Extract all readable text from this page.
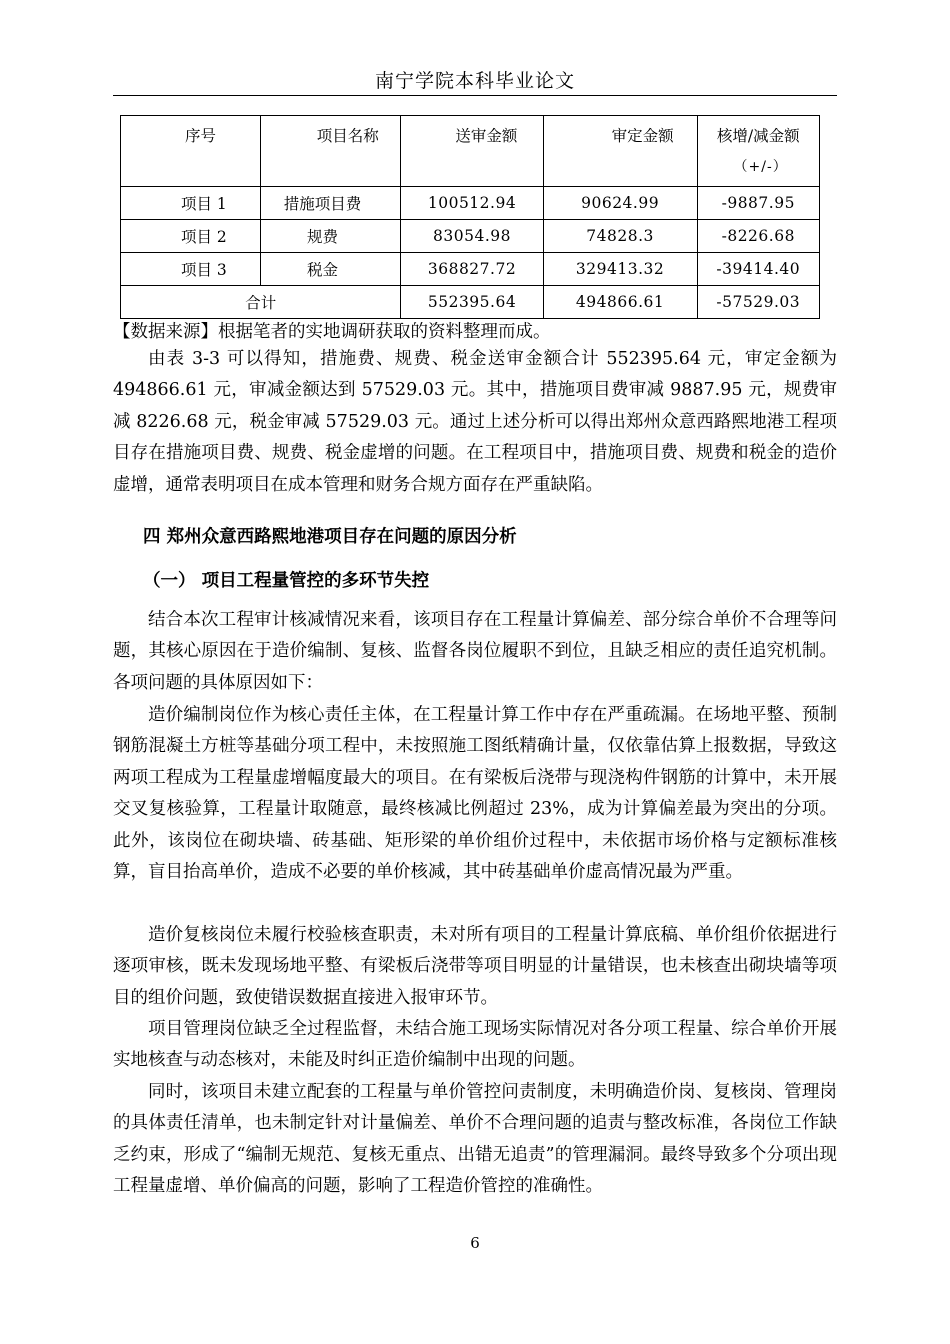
南宁学院本科毕业论文
序号	项目名称	送审金额	审定金额	核增/减金额
（+/-）

项目 1	措施项目费	100512.94	90624.99	-9887.95
项目 2	规费	83054.98	74828.3	-8226.68
项目 3	税金	368827.72	329413.32	-39414.40
合计		552395.64	494866.61	-57529.03
【数据来源】根据笔者的实地调研获取的资料整理而成。

由表 3-3 可以得知，措施费、规费、税金送审金额合计 552395.64 元，审定金额为 494866.61 元，审减金额达到 57529.03 元。其中，措施项目费审减 9887.95 元，规费审减 8226.68 元，税金审减 57529.03 元。通过上述分析可以得出郑州众意西路熙地港工程项目存在措施项目费、规费、税金虚增的问题。在工程项目中，措施项目费、规费和税金的造价虚增，通常表明项目在成本管理和财务合规方面存在严重缺陷。

四 郑州众意西路熙地港项目存在问题的原因分析
（一） 项目工程量管控的多环节失控

结合本次工程审计核减情况来看，该项目存在工程量计算偏差、部分综合单价不合理等问题，其核心原因在于造价编制、复核、监督各岗位履职不到位，且缺乏相应的责任追究机制。各项问题的具体原因如下：

造价编制岗位作为核心责任主体，在工程量计算工作中存在严重疏漏。在场地平整、预制钢筋混凝土方桩等基础分项工程中，未按照施工图纸精确计量，仅依靠估算上报数据，导致这两项工程成为工程量虚增幅度最大的项目。在有梁板后浇带与现浇构件钢筋的计算中，未开展交叉复核验算，工程量计取随意，最终核减比例超过 23%，成为计算偏差最为突出的分项。此外，该岗位在砌块墙、砖基础、矩形梁的单价组价过程中，未依据市场价格与定额标准核算，盲目抬高单价，造成不必要的单价核减，其中砖基础单价虚高情况最为严重。

造价复核岗位未履行校验核查职责，未对所有项目的工程量计算底稿、单价组价依据进行逐项审核，既未发现场地平整、有梁板后浇带等项目明显的计量错误，也未核查出砌块墙等项目的组价问题，致使错误数据直接进入报审环节。

项目管理岗位缺乏全过程监督，未结合施工现场实际情况对各分项工程量、综合单价开展实地核查与动态核对，未能及时纠正造价编制中出现的问题。

同时，该项目未建立配套的工程量与单价管控问责制度，未明确造价岗、复核岗、管理岗的具体责任清单，也未制定针对计量偏差、单价不合理问题的追责与整改标准，各岗位工作缺乏约束，形成了“编制无规范、复核无重点、出错无追责”的管理漏洞。最终导致多个分项出现工程量虚增、单价偏高的问题，影响了工程造价管控的准确性。

6
